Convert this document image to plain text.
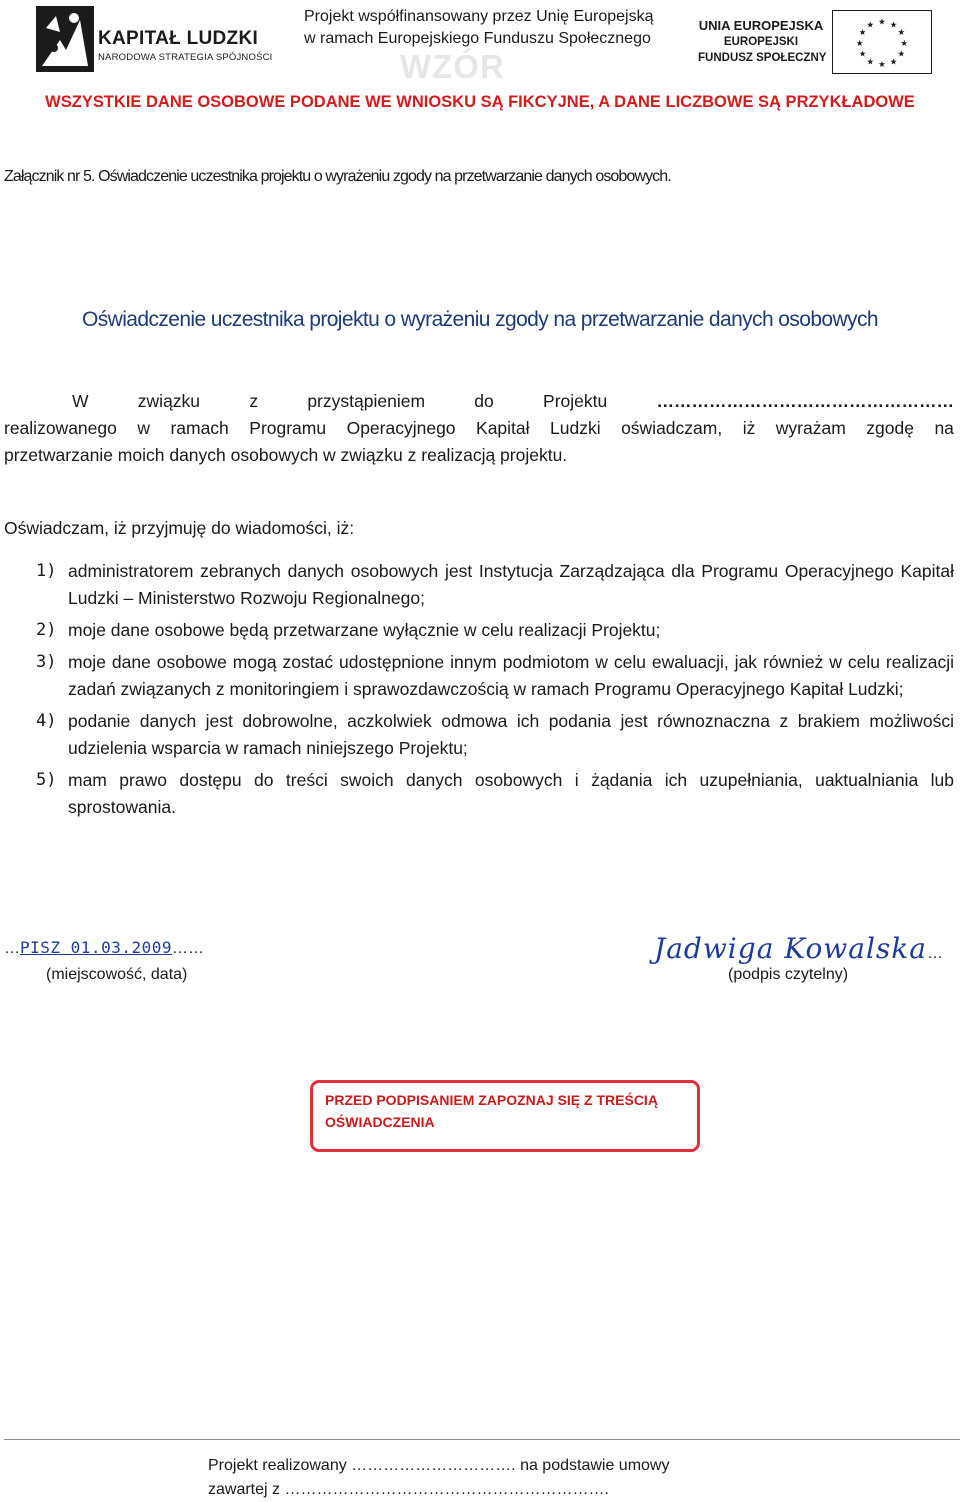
KAPITAŁ LUDZKI
NARODOWA STRATEGIA SPÓJNOŚCI
Projekt współfinansowany przez Unię Europejską
w ramach Europejskiego Funduszu Społecznego
WZÓR
UNIA EUROPEJSKA
EUROPEJSKI
FUNDUSZ SPOŁECZNY
★ ★
★
★
★
★
★
★
★
★
★
★
WSZYSTKIE DANE OSOBOWE PODANE WE WNIOSKU SĄ FIKCYJNE, A DANE LICZBOWE SĄ PRZYKŁADOWE
Załącznik nr 5. Oświadczenie uczestnika projektu o wyrażeniu zgody na przetwarzanie danych osobowych.
Oświadczenie uczestnika projektu o wyrażeniu zgody na przetwarzanie danych osobowych
W	związku	z	przystąpieniem	do	Projektu	……………………………………………
realizowanego w ramach Programu Operacyjnego Kapitał Ludzki oświadczam, iż wyrażam zgodę na
przetwarzanie moich danych osobowych w związku z realizacją projektu.
Oświadczam, iż przyjmuję do wiadomości, iż:
1) administratorem zebranych danych osobowych jest Instytucja Zarządzająca dla Programu Operacyjnego Kapitał Ludzki – Ministerstwo Rozwoju Regionalnego;
2) moje dane osobowe będą przetwarzane wyłącznie w celu realizacji Projektu;
3) moje dane osobowe mogą zostać udostępnione innym podmiotom w celu ewaluacji, jak również w celu realizacji zadań związanych z monitoringiem i sprawozdawczością w ramach Programu Operacyjnego Kapitał Ludzki;
4) podanie danych jest dobrowolne, aczkolwiek odmowa ich podania jest równoznaczna z brakiem możliwości udzielenia wsparcia w ramach niniejszego Projektu;
5) mam prawo dostępu do treści swoich danych osobowych i żądania ich uzupełniania, uaktualniania lub sprostowania.
…PISZ 01.03.2009……
(miejscowość, data)
Jadwiga Kowalska…
(podpis czytelny)
PRZED PODPISANIEM ZAPOZNAJ SIĘ Z TREŚCIĄ
OŚWIADCZENIA
Projekt realizowany …………………………. na podstawie umowy
zawartej z …………………………………………………….
